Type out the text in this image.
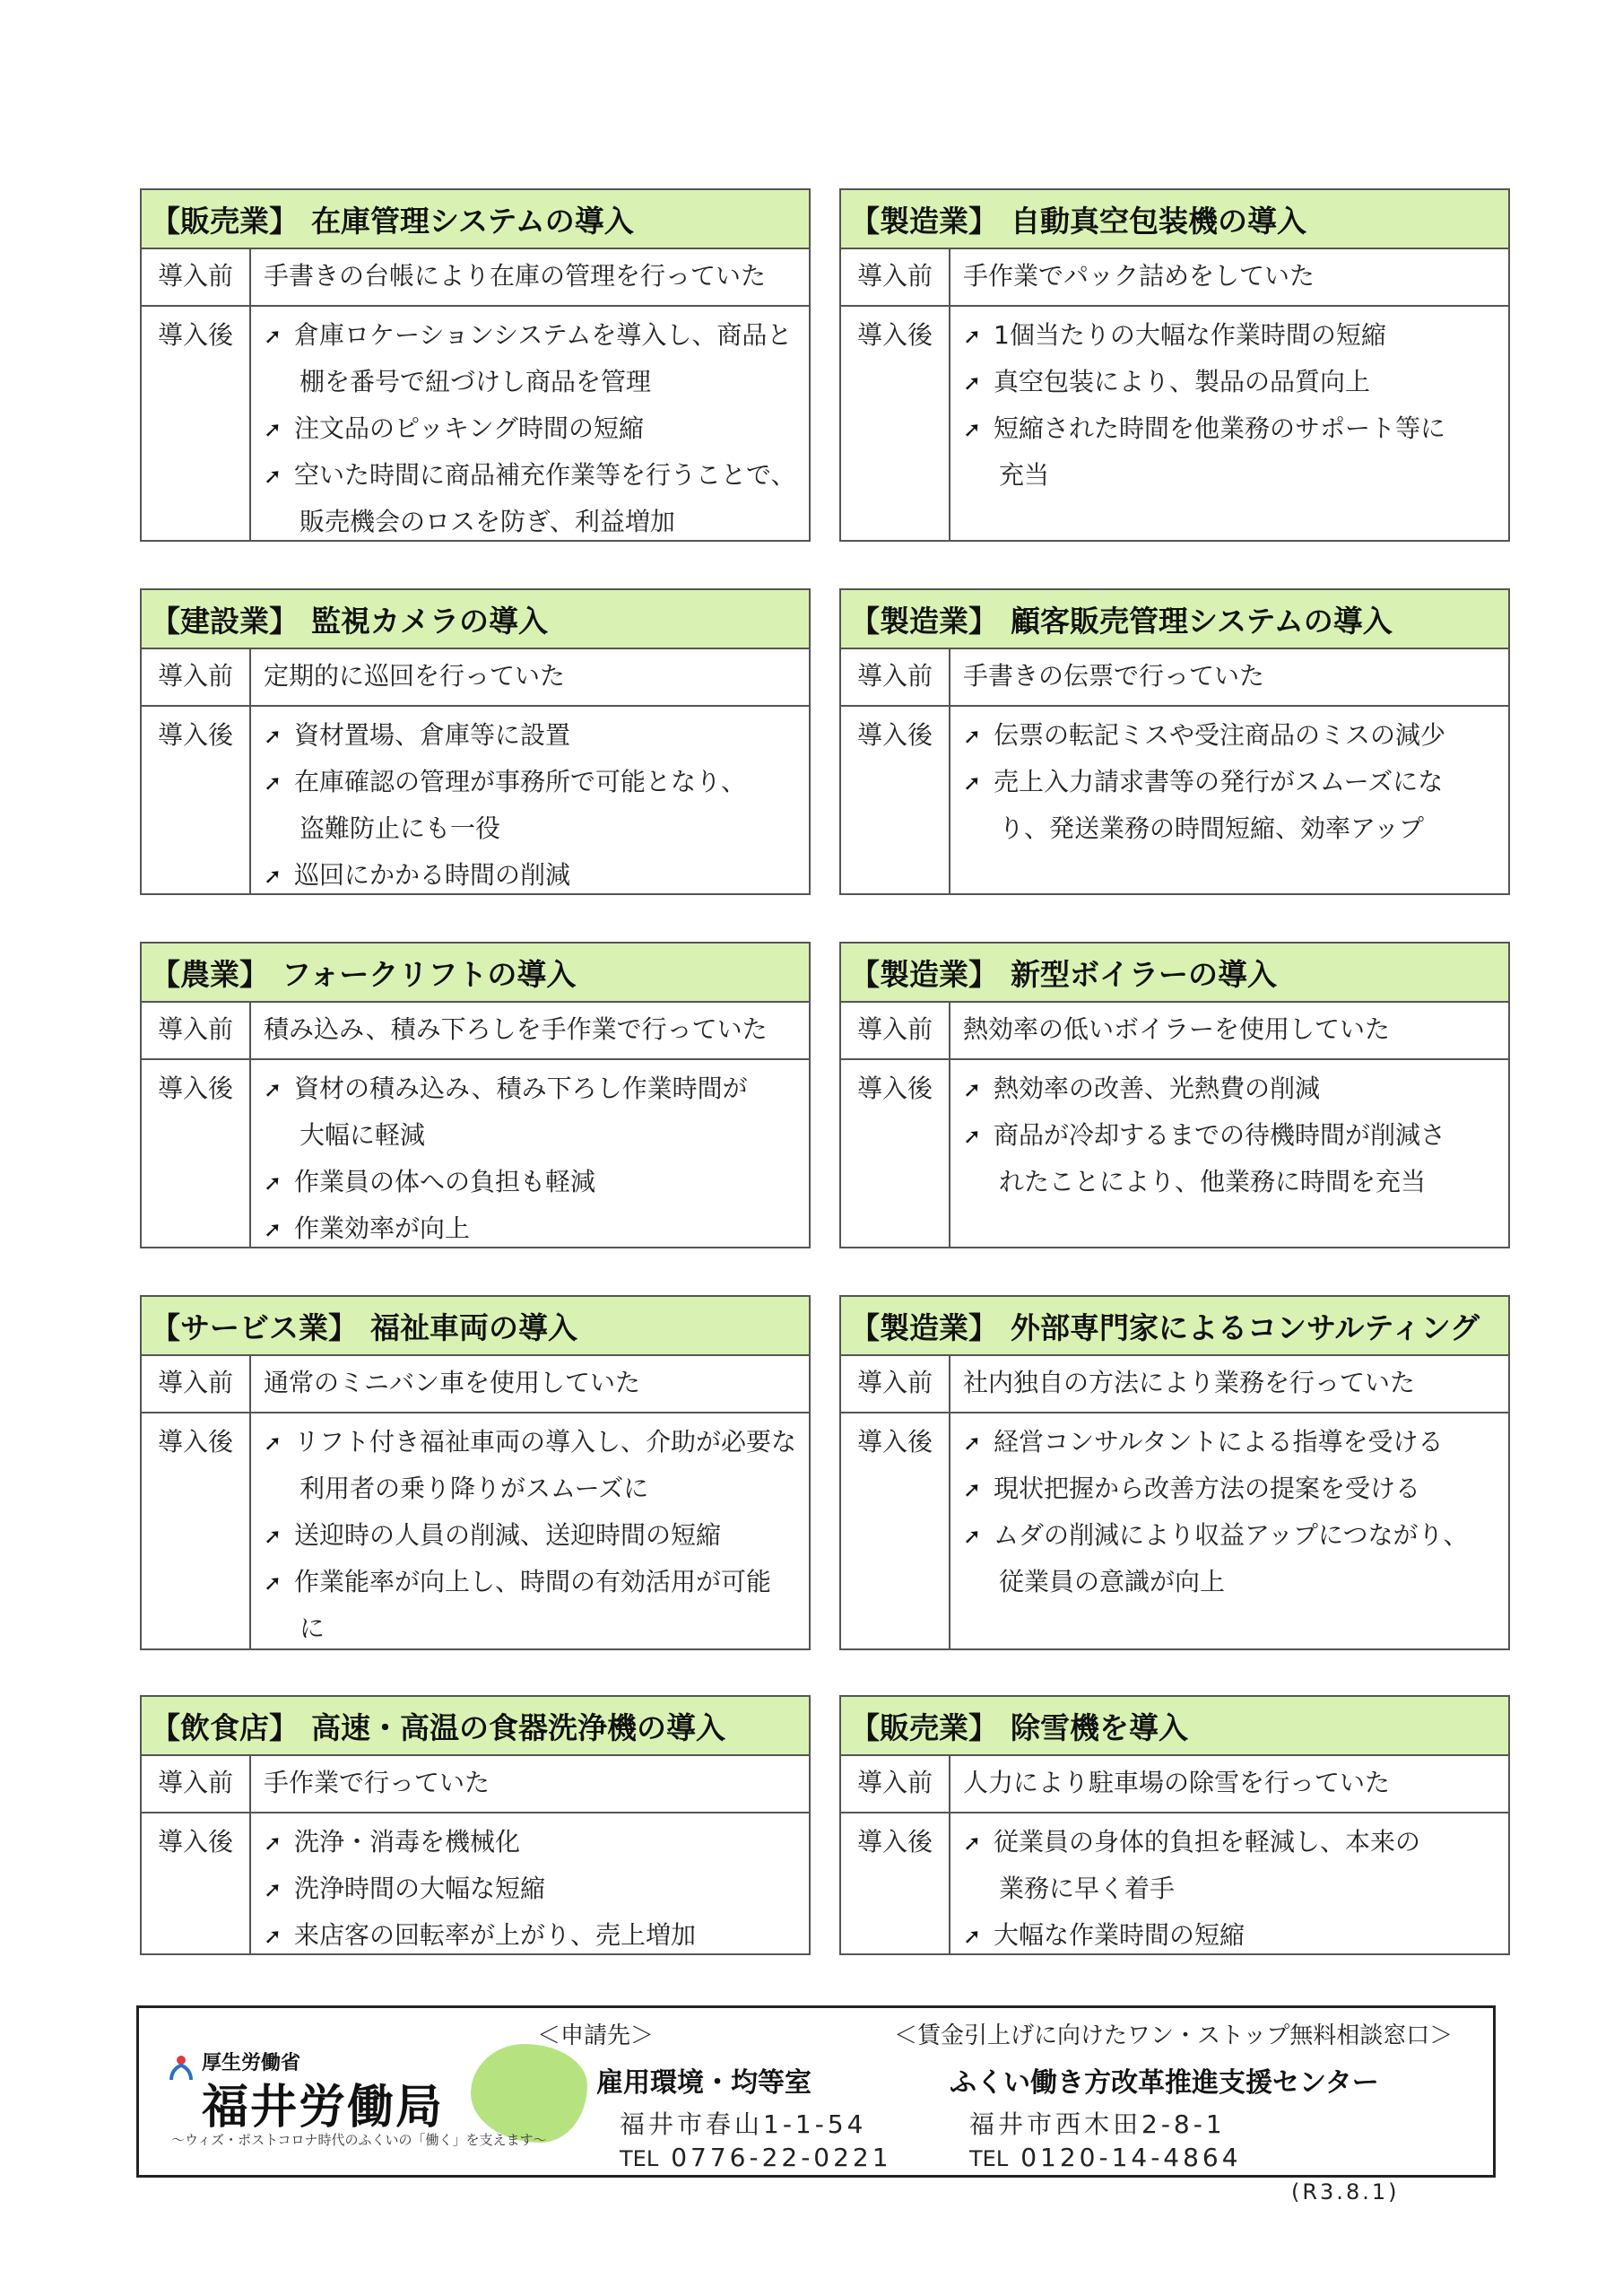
【販売業】 在庫管理システムの導入
導入前	手書きの台帳により在庫の管理を行っていた
導入後	➚ 倉庫ロケーションシステムを導入し、商品と
棚を番号で紐づけし商品を管理
➚ 注文品のピッキング時間の短縮
➚ 空いた時間に商品補充作業等を行うことで、
販売機会のロスを防ぎ、利益増加
【製造業】 自動真空包装機の導入
導入前	手作業でパック詰めをしていた
導入後	➚ 1個当たりの大幅な作業時間の短縮
➚ 真空包装により、製品の品質向上
➚ 短縮された時間を他業務のサポート等に
充当
【建設業】 監視カメラの導入
導入前	定期的に巡回を行っていた
導入後	➚ 資材置場、倉庫等に設置
➚ 在庫確認の管理が事務所で可能となり、
盗難防止にも一役
➚ 巡回にかかる時間の削減
【製造業】 顧客販売管理システムの導入
導入前	手書きの伝票で行っていた
導入後	➚ 伝票の転記ミスや受注商品のミスの減少
➚ 売上入力請求書等の発行がスムーズにな
り、発送業務の時間短縮、効率アップ
【農業】 フォークリフトの導入
導入前	積み込み、積み下ろしを手作業で行っていた
導入後	➚ 資材の積み込み、積み下ろし作業時間が
大幅に軽減
➚ 作業員の体への負担も軽減
➚ 作業効率が向上
【製造業】 新型ボイラーの導入
導入前	熱効率の低いボイラーを使用していた
導入後	➚ 熱効率の改善、光熱費の削減
➚ 商品が冷却するまでの待機時間が削減さ
れたことにより、他業務に時間を充当
【サービス業】 福祉車両の導入
導入前	通常のミニバン車を使用していた
導入後	➚ リフト付き福祉車両の導入し、介助が必要な
利用者の乗り降りがスムーズに
➚ 送迎時の人員の削減、送迎時間の短縮
➚ 作業能率が向上し、時間の有効活用が可能
に
【製造業】 外部専門家によるコンサルティング
導入前	社内独自の方法により業務を行っていた
導入後	➚ 経営コンサルタントによる指導を受ける
➚ 現状把握から改善方法の提案を受ける
➚ ムダの削減により収益アップにつながり、
従業員の意識が向上
【飲食店】 高速・高温の食器洗浄機の導入
導入前	手作業で行っていた
導入後	➚ 洗浄・消毒を機械化
➚ 洗浄時間の大幅な短縮
➚ 来店客の回転率が上がり、売上増加
【販売業】 除雪機を導入
導入前	人力により駐車場の除雪を行っていた
導入後	➚ 従業員の身体的負担を軽減し、本来の
業務に早く着手
➚ 大幅な作業時間の短縮
厚生労働省
福井労働局
～ウィズ・ポストコロナ時代のふくいの「働く」を支えます～
＜申請先＞	＜賃金引上げに向けたワン・ストップ無料相談窓口＞
雇用環境・均等室
福井市春山1-1-54
TEL 0776-22-0221
ふくい働き方改革推進支援センター
福井市西木田2-8-1
TEL 0120-14-4864
(R3.8.1)
